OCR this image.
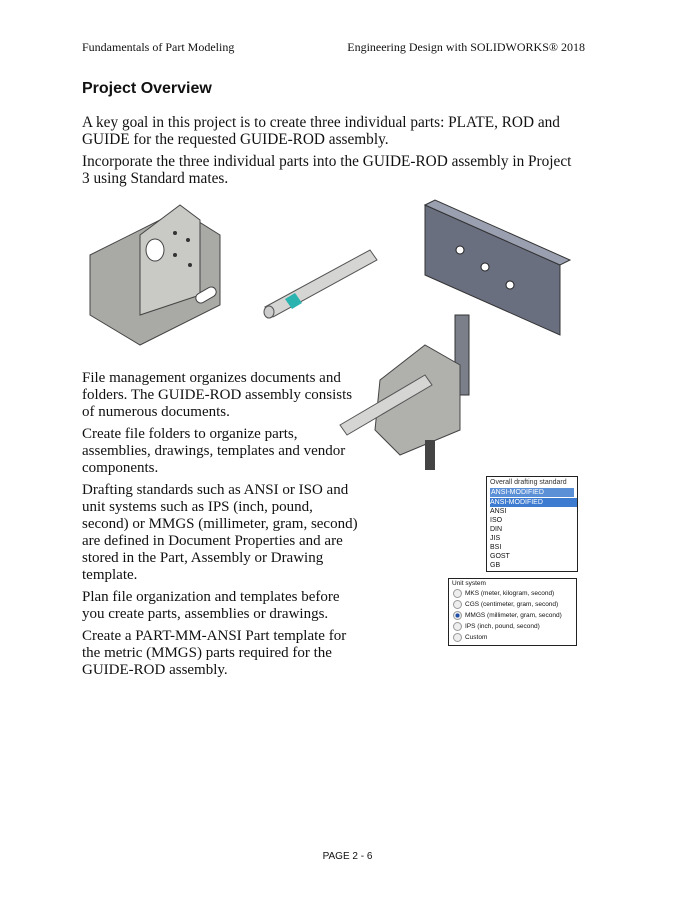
Fundamentals of Part Modeling	Engineering Design with SOLIDWORKS® 2018
Project Overview

A key goal in this project is to create three individual parts: PLATE, ROD and GUIDE for the requested GUIDE-ROD assembly.

Incorporate the three individual parts into the GUIDE-ROD assembly in Project 3 using Standard mates.

File management organizes documents and folders. The GUIDE-ROD assembly consists of numerous documents.

Create file folders to organize parts, assemblies, drawings, templates and vendor components.

Drafting standards such as ANSI or ISO and unit systems such as IPS (inch, pound, second) or MMGS (millimeter, gram, second) are defined in Document Properties and are stored in the Part, Assembly or Drawing template.

Plan file organization and templates before you create parts, assemblies or drawings.

Create a PART-MM-ANSI Part template for the metric (MMGS) parts required for the GUIDE-ROD assembly.

Overall drafting standard
ANSI-MODIFIED
ANSI-MODIFIED
ANSI
ISO
DIN
JIS
BSI
GOST
GB
Unit system
MKS (meter, kilogram, second)
CGS (centimeter, gram, second)
MMGS (millimeter, gram, second)
IPS (inch, pound, second)
Custom
PAGE 2 - 6
